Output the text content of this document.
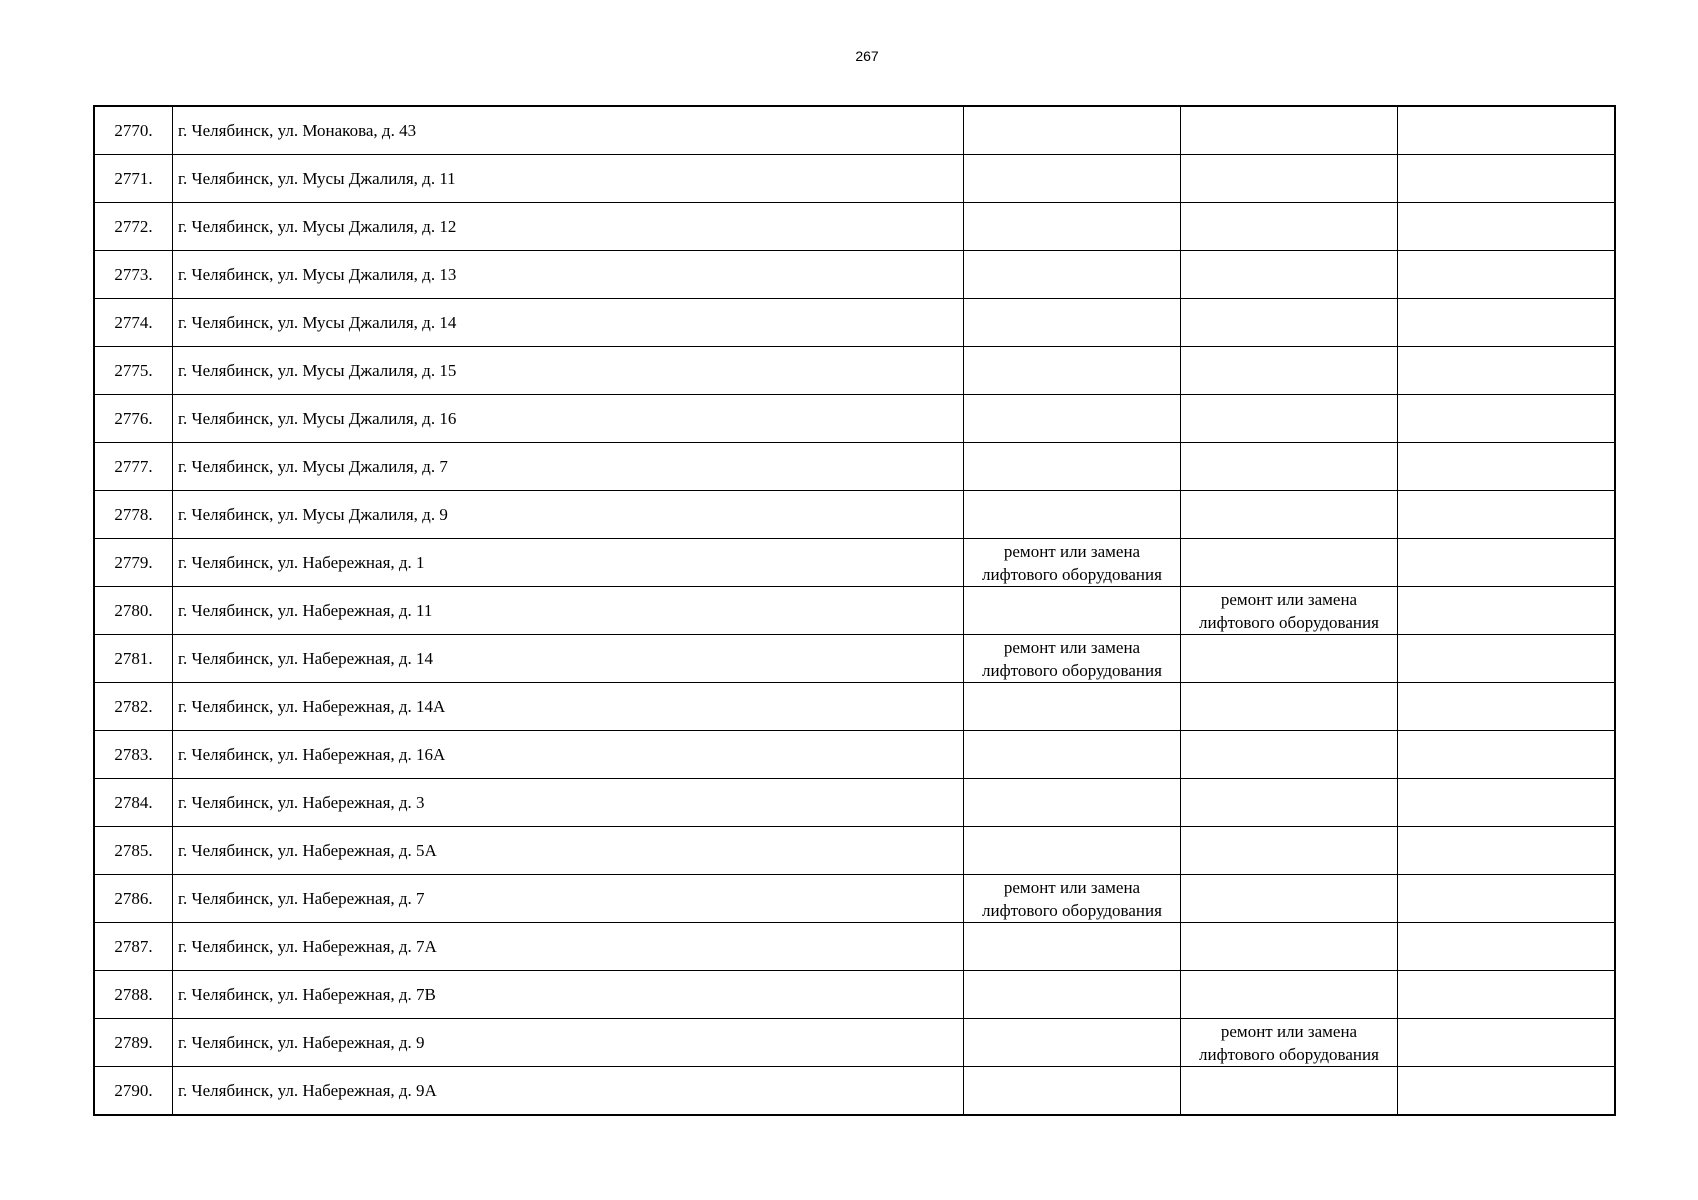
267
2770.	г. Челябинск, ул. Монакова, д. 43			
2771.	г. Челябинск, ул. Мусы Джалиля, д. 11			
2772.	г. Челябинск, ул. Мусы Джалиля, д. 12			
2773.	г. Челябинск, ул. Мусы Джалиля, д. 13			
2774.	г. Челябинск, ул. Мусы Джалиля, д. 14			
2775.	г. Челябинск, ул. Мусы Джалиля, д. 15			
2776.	г. Челябинск, ул. Мусы Джалиля, д. 16			
2777.	г. Челябинск, ул. Мусы Джалиля, д. 7			
2778.	г. Челябинск, ул. Мусы Джалиля, д. 9			
2779.	г. Челябинск, ул. Набережная, д. 1	ремонт или замена лифтового оборудования		
2780.	г. Челябинск, ул. Набережная, д. 11		ремонт или замена лифтового оборудования	
2781.	г. Челябинск, ул. Набережная, д. 14	ремонт или замена лифтового оборудования		
2782.	г. Челябинск, ул. Набережная, д. 14А			
2783.	г. Челябинск, ул. Набережная, д. 16А			
2784.	г. Челябинск, ул. Набережная, д. 3			
2785.	г. Челябинск, ул. Набережная, д. 5А			
2786.	г. Челябинск, ул. Набережная, д. 7	ремонт или замена лифтового оборудования		
2787.	г. Челябинск, ул. Набережная, д. 7А			
2788.	г. Челябинск, ул. Набережная, д. 7В			
2789.	г. Челябинск, ул. Набережная, д. 9		ремонт или замена лифтового оборудования	
2790.	г. Челябинск, ул. Набережная, д. 9А			
